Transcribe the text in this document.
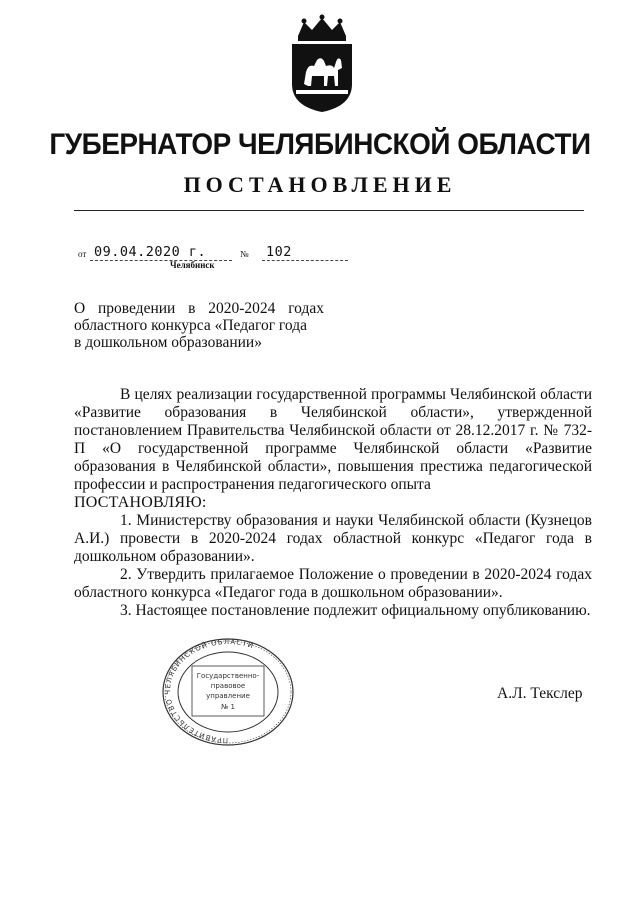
ГУБЕРНАТОР ЧЕЛЯБИНСКОЙ ОБЛАСТИ
ПОСТАНОВЛЕНИЕ
от 09.04.2020 г.	№ 102
Челябинск
О проведении в 2020-2024 годах
областного конкурса «Педагог года
в дошкольном образовании»

В целях реализации государственной программы Челябинской области «Развитие образования в Челябинской области», утвержденной постановлением Правительства Челябинской области от 28.12.2017 г. № 732-П «О государственной программе Челябинской области «Развитие образования в Челябинской области», повышения престижа педагогической профессии и распространения педагогического опыта

ПОСТАНОВЛЯЮ:

1. Министерству образования и науки Челябинской области (Кузнецов А.И.) провести в 2020-2024 годах областной конкурс «Педагог года в дошкольном образовании».

2. Утвердить прилагаемое Положение о проведении в 2020-2024 годах областного конкурса «Педагог года в дошкольном образовании».

3. Настоящее постановление подлежит официальному опубликованию.

ПРАВИТЕЛЬСТВО ЧЕЛЯБИНСКОЙ ОБЛАСТИ
Государственно-
правовое
управление
№ 1
А.Л. Текслер
